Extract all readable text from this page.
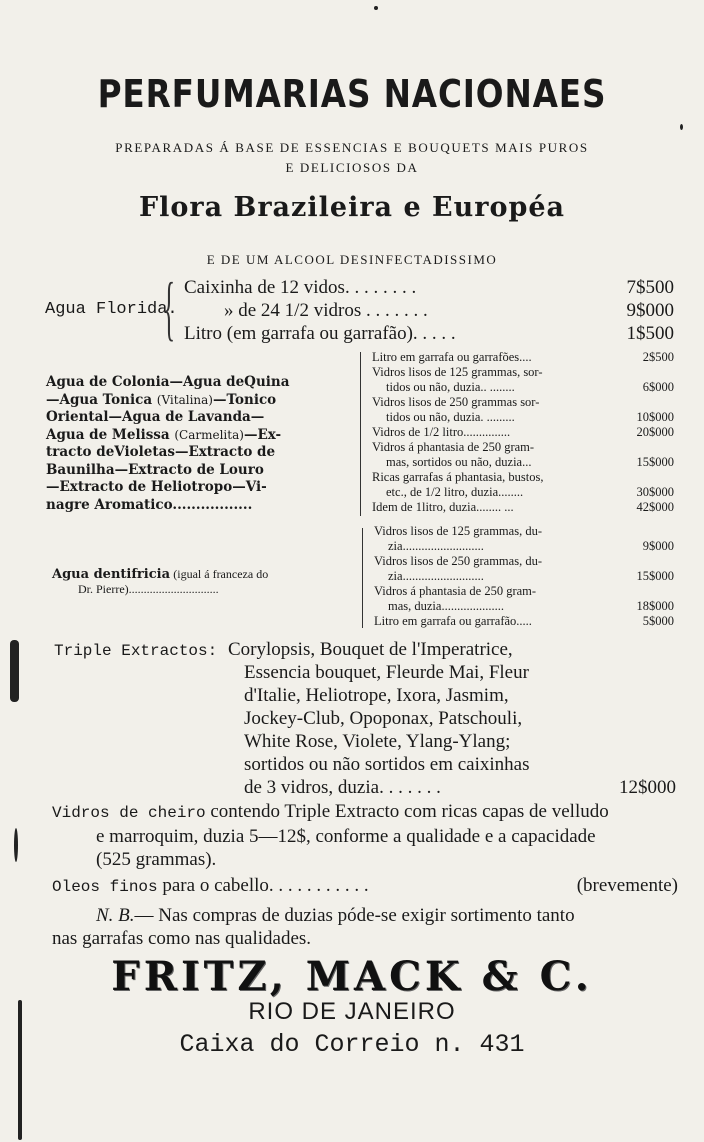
PERFUMARIAS NACIONAES
PREPARADAS Á BASE DE ESSENCIAS E BOUQUETS MAIS PUROS
E DELICIOSOS DA
Flora Brazileira e Européa
E DE UM ALCOOL DESINFECTADISSIMO
Agua Florida.
{ Caixinha de 12 vidos. . . . . . . .	7$500
» de 24 1/2 vidros . . . . . . .	9$000
Litro (em garrafa ou garrafão). . . . .	1$500
Agua de Colonia—Agua deQuina
—Agua Tonica (Vitalina)—Tonico
Oriental—Agua de Lavanda—
Agua de Melissa (Carmelita)—Ex-
tracto deVioletas—Extracto de
Baunilha—Extracto de Louro
—Extracto de Heliotropo—Vi-
nagre Aromatico.................
Litro em garrafa ou garrafões....	2$500
Vidros lisos de 125 grammas, sor-
tidos ou não, duzia.. ........	6$000
Vidros lisos de 250 grammas sor-
tidos ou não, duzia. .........	10$000
Vidros de 1/2 litro...............	20$000
Vidros á phantasia de 250 gram-
mas, sortidos ou não, duzia...	15$000
Ricas garrafas á phantasia, bustos,
etc., de 1/2 litro, duzia........	30$000
Idem de 1litro, duzia........ ...	42$000
Agua dentifricia (igual á franceza do
Dr. Pierre)..............................
Vidros lisos de 125 grammas, du-
zia..........................	9$000
Vidros lisos de 250 grammas, du-
zia..........................	15$000
Vidros á phantasia de 250 gram-
mas, duzia....................	18$000
Litro em garrafa ou garrafão.....	5$000
Triple Extractos: Corylopsis, Bouquet de l'Imperatrice,
Essencia bouquet, Fleurde Mai, Fleur
d'Italie, Heliotrope, Ixora, Jasmim,
Jockey-Club, Opoponax, Patschouli,
White Rose, Violete, Ylang-Ylang;
sortidos ou não sortidos em caixinhas
de 3 vidros, duzia. . . . . . .	12$000
Vidros de cheiro contendo Triple Extracto com ricas capas de velludo
e marroquim, duzia 5—12$, conforme a qualidade e a capacidade
(525 grammas).
Oleos finos para o cabello. . . . . . . . . . .	(brevemente)
N. B.— Nas compras de duzias póde-se exigir sortimento tanto
nas garrafas como nas qualidades.
FRITZ, MACK & C.
RIO DE JANEIRO
Caixa do Correio n. 431
